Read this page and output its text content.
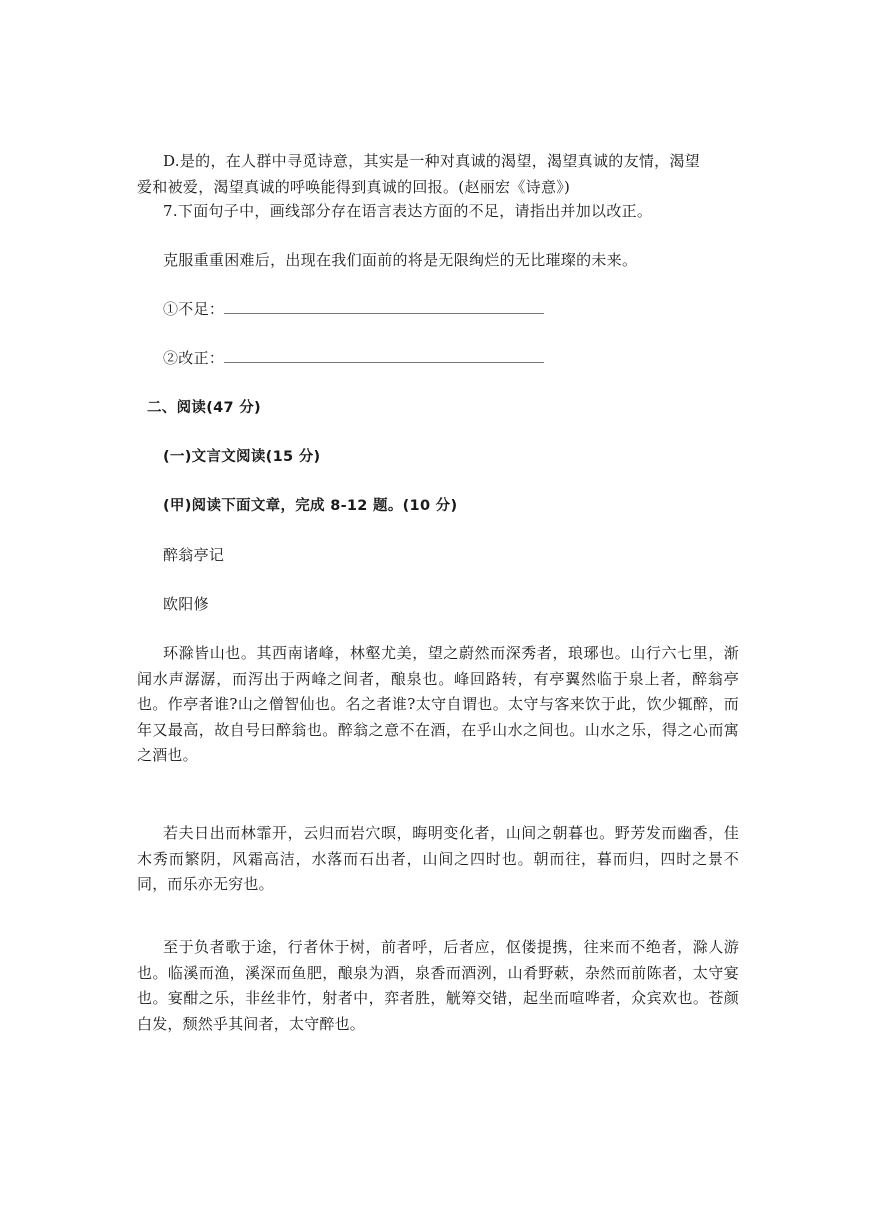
D.是的，在人群中寻觅诗意，其实是一种对真诚的渴望，渴望真诚的友情，渴望
爱和被爱，渴望真诚的呼唤能得到真诚的回报。(赵丽宏《诗意》)
7.下面句子中，画线部分存在语言表达方面的不足，请指出并加以改正。
克服重重困难后，出现在我们面前的将是无限绚烂的无比璀璨的未来。
①不足：
②改正：
二、阅读(47 分)
(一)文言文阅读(15 分)
(甲)阅读下面文章，完成 8-12 题。(10 分)
醉翁亭记
欧阳修
环滁皆山也。其西南诸峰，林壑尤美，望之蔚然而深秀者，琅琊也。山行六七里，渐闻水声潺潺，而泻出于两峰之间者，酿泉也。峰回路转，有亭翼然临于泉上者，醉翁亭也。作亭者谁?山之僧智仙也。名之者谁?太守自谓也。太守与客来饮于此，饮少辄醉，而年又最高，故自号曰醉翁也。醉翁之意不在酒，在乎山水之间也。山水之乐，得之心而寓之酒也。
若夫日出而林霏开，云归而岩穴暝，晦明变化者，山间之朝暮也。野芳发而幽香，佳木秀而繁阴，风霜高洁，水落而石出者，山间之四时也。朝而往，暮而归，四时之景不同，而乐亦无穷也。
至于负者歌于途，行者休于树，前者呼，后者应，伛偻提携，往来而不绝者，滁人游也。临溪而渔，溪深而鱼肥，酿泉为酒，泉香而酒洌，山肴野蔌，杂然而前陈者，太守宴也。宴酣之乐，非丝非竹，射者中，弈者胜，觥筹交错，起坐而喧哗者，众宾欢也。苍颜白发，颓然乎其间者，太守醉也。
